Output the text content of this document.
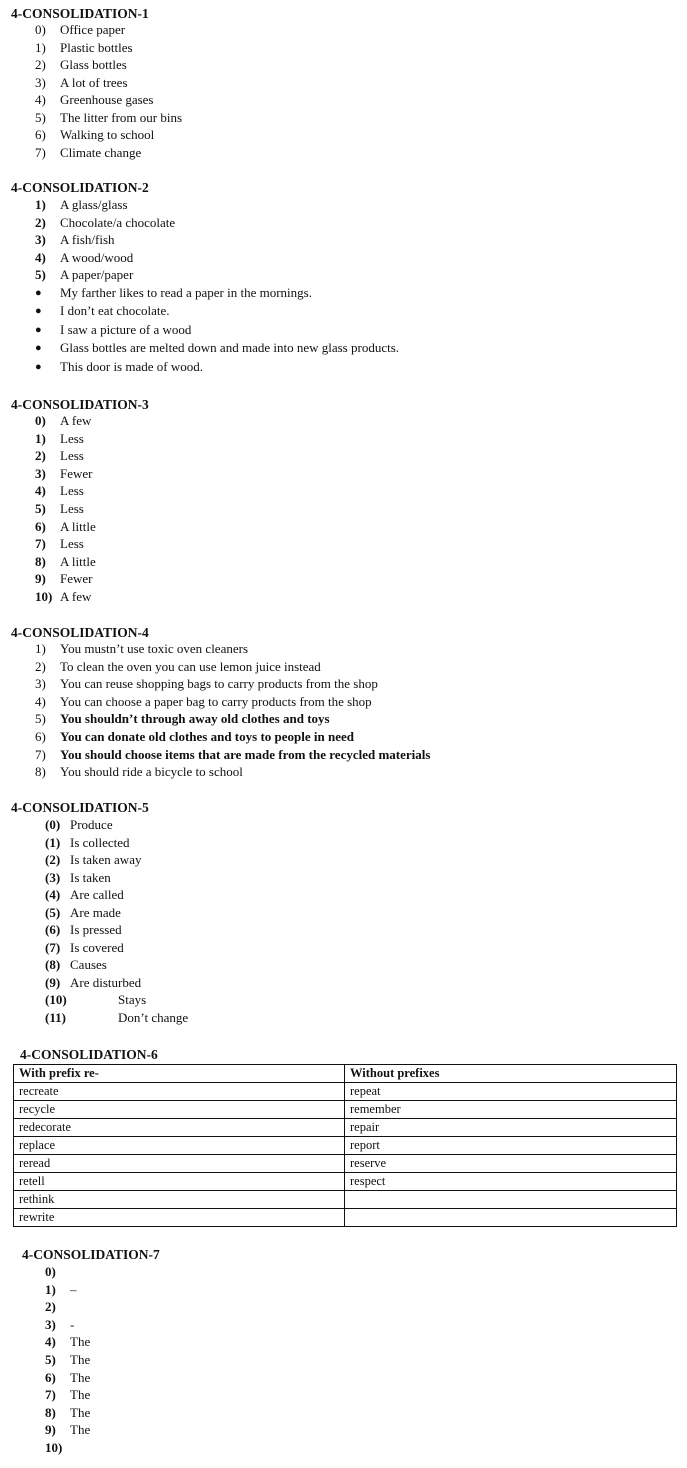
4-CONSOLIDATION-1
0) Office paper
1) Plastic bottles
2) Glass bottles
3) A lot of trees
4) Greenhouse gases
5) The litter from our bins
6) Walking to school
7) Climate change
4-CONSOLIDATION-2
1) A glass/glass
2) Chocolate/a chocolate
3) A fish/fish
4) A wood/wood
5) A paper/paper
● My farther likes to read a paper in the mornings.
● I don’t eat chocolate.
● I saw a picture of a wood
● Glass bottles are melted down and made into new glass products.
● This door is made of wood.
4-CONSOLIDATION-3
0) A few
1) Less
2) Less
3) Fewer
4) Less
5) Less
6) A little
7) Less
8) A little
9) Fewer
10) A few
4-CONSOLIDATION-4
1) You mustn’t use toxic oven cleaners
2) To clean the oven you can use lemon juice instead
3) You can reuse shopping bags to carry products from the shop
4) You can choose a paper bag to carry products from the shop
5) You shouldn’t through away old clothes and toys
6) You can donate old clothes and toys to people in need
7) You should choose items that are made from the recycled materials
8) You should ride a bicycle to school
4-CONSOLIDATION-5
(0) Produce
(1) Is collected
(2) Is taken away
(3) Is taken
(4) Are called
(5) Are made
(6) Is pressed
(7) Is covered
(8) Causes
(9) Are disturbed
(10)	Stays
(11)	Don’t change
4-CONSOLIDATION-6
With prefix re-	Without prefixes
recreate	repeat
recycle	remember
redecorate	repair
replace	report
reread	reserve
retell	respect
rethink	
rewrite	
4-CONSOLIDATION-7
0)
1) –
2)
3) -
4) The
5) The
6) The
7) The
8) The
9) The
10)
